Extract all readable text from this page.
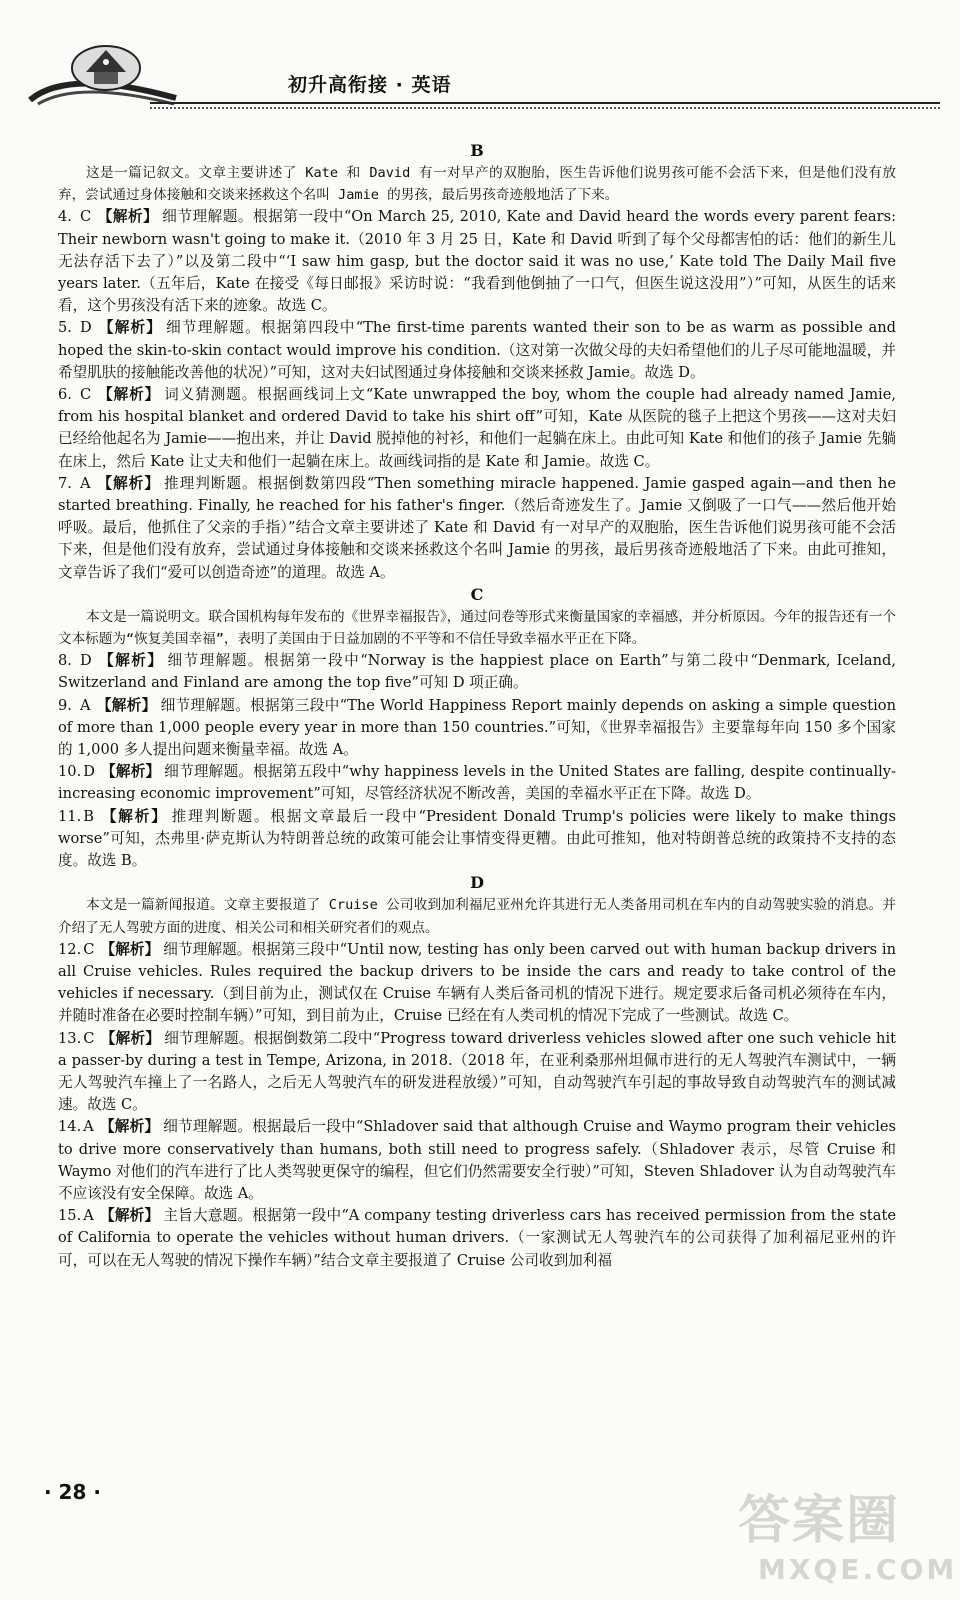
初升高衔接 · 英语
B

这是一篇记叙文。文章主要讲述了 Kate 和 David 有一对早产的双胞胎，医生告诉他们说男孩可能不会活下来，但是他们没有放弃，尝试通过身体接触和交谈来拯救这个名叫 Jamie 的男孩，最后男孩奇迹般地活了下来。

4. C 【解析】 细节理解题。根据第一段中“On March 25, 2010, Kate and David heard the words every parent fears: Their newborn wasn't going to make it.（2010 年 3 月 25 日，Kate 和 David 听到了每个父母都害怕的话：他们的新生儿无法存活下去了）”以及第二段中“‘I saw him gasp, but the doctor said it was no use,’ Kate told The Daily Mail five years later.（五年后，Kate 在接受《每日邮报》采访时说：“我看到他倒抽了一口气，但医生说这没用”）”可知，从医生的话来看，这个男孩没有活下来的迹象。故选 C。

5. D 【解析】 细节理解题。根据第四段中“The first-time parents wanted their son to be as warm as possible and hoped the skin-to-skin contact would improve his condition.（这对第一次做父母的夫妇希望他们的儿子尽可能地温暖，并希望肌肤的接触能改善他的状况）”可知，这对夫妇试图通过身体接触和交谈来拯救 Jamie。故选 D。

6. C 【解析】 词义猜测题。根据画线词上文“Kate unwrapped the boy, whom the couple had already named Jamie, from his hospital blanket and ordered David to take his shirt off”可知，Kate 从医院的毯子上把这个男孩——这对夫妇已经给他起名为 Jamie——抱出来，并让 David 脱掉他的衬衫，和他们一起躺在床上。由此可知 Kate 和他们的孩子 Jamie 先躺在床上，然后 Kate 让丈夫和他们一起躺在床上。故画线词指的是 Kate 和 Jamie。故选 C。

7. A 【解析】 推理判断题。根据倒数第四段“Then something miracle happened. Jamie gasped again—and then he started breathing. Finally, he reached for his father's finger.（然后奇迹发生了。Jamie 又倒吸了一口气——然后他开始呼吸。最后，他抓住了父亲的手指）”结合文章主要讲述了 Kate 和 David 有一对早产的双胞胎，医生告诉他们说男孩可能不会活下来，但是他们没有放弃，尝试通过身体接触和交谈来拯救这个名叫 Jamie 的男孩，最后男孩奇迹般地活了下来。由此可推知，文章告诉了我们“爱可以创造奇迹”的道理。故选 A。

C

本文是一篇说明文。联合国机构每年发布的《世界幸福报告》，通过问卷等形式来衡量国家的幸福感，并分析原因。今年的报告还有一个文本标题为“恢复美国幸福”，表明了美国由于日益加剧的不平等和不信任导致幸福水平正在下降。

8. D 【解析】 细节理解题。根据第一段中“Norway is the happiest place on Earth”与第二段中“Denmark, Iceland, Switzerland and Finland are among the top five”可知 D 项正确。

9. A 【解析】 细节理解题。根据第三段中“The World Happiness Report mainly depends on asking a simple question of more than 1,000 people every year in more than 150 countries.”可知，《世界幸福报告》主要靠每年向 150 多个国家的 1,000 多人提出问题来衡量幸福。故选 A。

10. D 【解析】 细节理解题。根据第五段中“why happiness levels in the United States are falling, despite continually-increasing economic improvement”可知，尽管经济状况不断改善，美国的幸福水平正在下降。故选 D。

11. B 【解析】 推理判断题。根据文章最后一段中“President Donald Trump's policies were likely to make things worse”可知，杰弗里·萨克斯认为特朗普总统的政策可能会让事情变得更糟。由此可推知，他对特朗普总统的政策持不支持的态度。故选 B。

D

本文是一篇新闻报道。文章主要报道了 Cruise 公司收到加利福尼亚州允许其进行无人类备用司机在车内的自动驾驶实验的消息。并介绍了无人驾驶方面的进度、相关公司和相关研究者们的观点。

12. C 【解析】 细节理解题。根据第三段中“Until now, testing has only been carved out with human backup drivers in all Cruise vehicles. Rules required the backup drivers to be inside the cars and ready to take control of the vehicles if necessary.（到目前为止，测试仅在 Cruise 车辆有人类后备司机的情况下进行。规定要求后备司机必须待在车内，并随时准备在必要时控制车辆）”可知，到目前为止，Cruise 已经在有人类司机的情况下完成了一些测试。故选 C。

13. C 【解析】 细节理解题。根据倒数第二段中“Progress toward driverless vehicles slowed after one such vehicle hit a passer-by during a test in Tempe, Arizona, in 2018.（2018 年，在亚利桑那州坦佩市进行的无人驾驶汽车测试中，一辆无人驾驶汽车撞上了一名路人，之后无人驾驶汽车的研发进程放缓）”可知，自动驾驶汽车引起的事故导致自动驾驶汽车的测试减速。故选 C。

14. A 【解析】 细节理解题。根据最后一段中“Shladover said that although Cruise and Waymo program their vehicles to drive more conservatively than humans, both still need to progress safely.（Shladover 表示，尽管 Cruise 和 Waymo 对他们的汽车进行了比人类驾驶更保守的编程，但它们仍然需要安全行驶）”可知，Steven Shladover 认为自动驾驶汽车不应该没有安全保障。故选 A。

15. A 【解析】 主旨大意题。根据第一段中“A company testing driverless cars has received permission from the state of California to operate the vehicles without human drivers.（一家测试无人驾驶汽车的公司获得了加利福尼亚州的许可，可以在无人驾驶的情况下操作车辆）”结合文章主要报道了 Cruise 公司收到加利福

· 28 ·	答案圈
MXQE.COM
